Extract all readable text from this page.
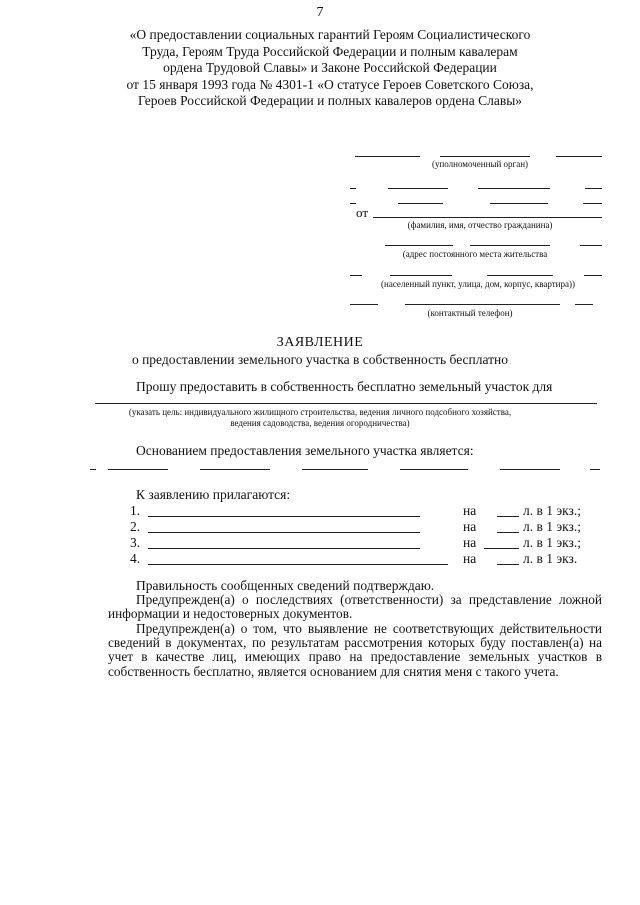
7
«О предоставлении социальных гарантий Героям Социалистического
Труда, Героям Труда Российской Федерации и полным кавалерам
ордена Трудовой Славы» и Законе Российской Федерации
от 15 января 1993 года № 4301-1 «О статусе Героев Советского Союза,
Героев Российской Федерации и полных кавалеров ордена Славы»
(уполномоченный орган)
от
(фамилия, имя, отчество гражданина)
(адрес постоянного места жительства
(населенный пункт, улица, дом, корпус, квартира))
(контактный телефон)
ЗАЯВЛЕНИЕ
о предоставлении земельного участка в собственность бесплатно
Прошу предоставить в собственность бесплатно земельный участок для
(указать цель: индивидуального жилищного строительства, ведения личного подсобного хозяйства,
ведения садоводства, ведения огородничества)
Основанием предоставления земельного участка является:
К заявлению прилагаются:
1.	на	л. в 1 экз.;
2.	на	л. в 1 экз.;
3.	на	л. в 1 экз.;
4.	на	л. в 1 экз.
Правильность сообщенных сведений подтверждаю.
Предупрежден(а) о последствиях (ответственности) за представление ложной информации и недостоверных документов.
Предупрежден(а) о том, что выявление не соответствующих действительности сведений в документах, по результатам рассмотрения которых буду поставлен(а) на учет в качестве лиц, имеющих право на предоставление земельных участков в собственность бесплатно, является основанием для снятия меня с такого учета.
